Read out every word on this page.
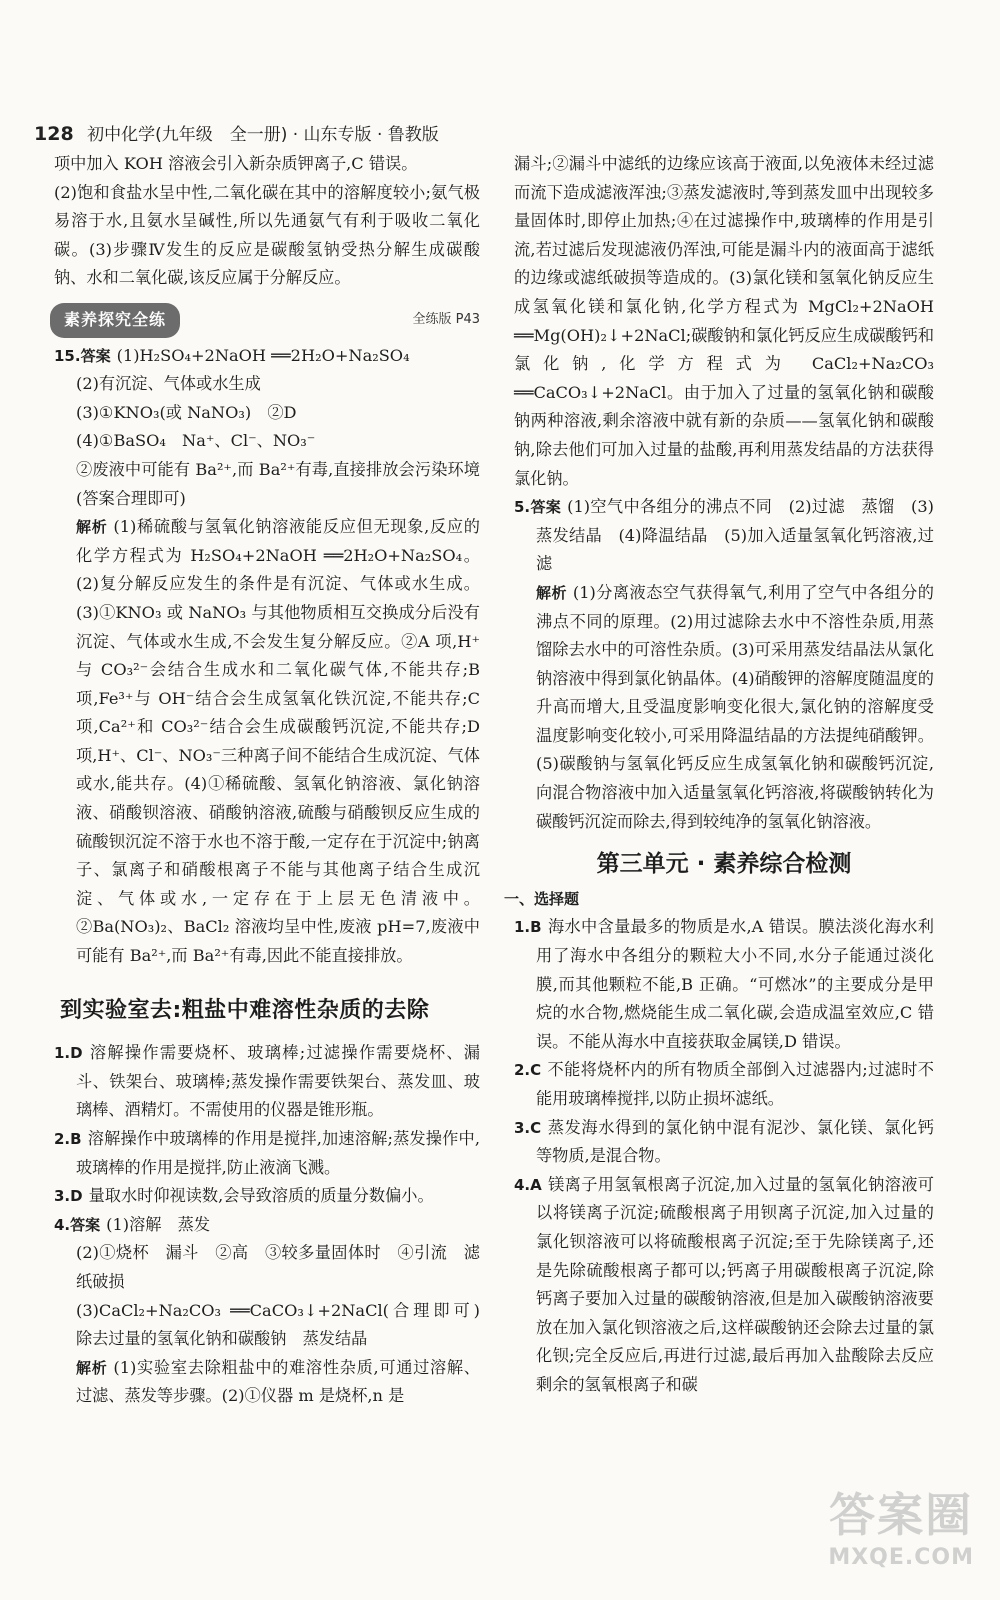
128 初中化学(九年级　全一册) · 山东专版 · 鲁教版

项中加入 KOH 溶液会引入新杂质钾离子,C 错误。

(2)饱和食盐水呈中性,二氧化碳在其中的溶解度较小;氨气极易溶于水,且氨水呈碱性,所以先通氨气有利于吸收二氧化碳。(3)步骤Ⅳ发生的反应是碳酸氢钠受热分解生成碳酸钠、水和二氧化碳,该反应属于分解反应。

素养探究全练	全练版 P43

15.答案 (1)H₂SO₄+2NaOH ══2H₂O+Na₂SO₄

(2)有沉淀、气体或水生成

(3)①KNO₃(或 NaNO₃)　②D

(4)①BaSO₄　Na⁺、Cl⁻、NO₃⁻

②废液中可能有 Ba²⁺,而 Ba²⁺有毒,直接排放会污染环境(答案合理即可)

解析 (1)稀硫酸与氢氧化钠溶液能反应但无现象,反应的化学方程式为 H₂SO₄+2NaOH ══2H₂O+Na₂SO₄。(2)复分解反应发生的条件是有沉淀、气体或水生成。(3)①KNO₃ 或 NaNO₃ 与其他物质相互交换成分后没有沉淀、气体或水生成,不会发生复分解反应。②A 项,H⁺与 CO₃²⁻会结合生成水和二氧化碳气体,不能共存;B 项,Fe³⁺与 OH⁻结合会生成氢氧化铁沉淀,不能共存;C 项,Ca²⁺和 CO₃²⁻结合会生成碳酸钙沉淀,不能共存;D 项,H⁺、Cl⁻、NO₃⁻三种离子间不能结合生成沉淀、气体或水,能共存。(4)①稀硫酸、氢氧化钠溶液、氯化钠溶液、硝酸钡溶液、硝酸钠溶液,硫酸与硝酸钡反应生成的硫酸钡沉淀不溶于水也不溶于酸,一定存在于沉淀中;钠离子、氯离子和硝酸根离子不能与其他离子结合生成沉淀、气体或水,一定存在于上层无色清液中。②Ba(NO₃)₂、BaCl₂ 溶液均呈中性,废液 pH=7,废液中可能有 Ba²⁺,而 Ba²⁺有毒,因此不能直接排放。

到实验室去:粗盐中难溶性杂质的去除

1.D 溶解操作需要烧杯、玻璃棒;过滤操作需要烧杯、漏斗、铁架台、玻璃棒;蒸发操作需要铁架台、蒸发皿、玻璃棒、酒精灯。不需使用的仪器是锥形瓶。

2.B 溶解操作中玻璃棒的作用是搅拌,加速溶解;蒸发操作中,玻璃棒的作用是搅拌,防止液滴飞溅。

3.D 量取水时仰视读数,会导致溶质的质量分数偏小。

4.答案 (1)溶解　蒸发

(2)①烧杯　漏斗　②高　③较多量固体时　④引流　滤纸破损

(3)CaCl₂+Na₂CO₃ ══CaCO₃↓+2NaCl(合理即可)　除去过量的氢氧化钠和碳酸钠　蒸发结晶

解析 (1)实验室去除粗盐中的难溶性杂质,可通过溶解、过滤、蒸发等步骤。(2)①仪器 m 是烧杯,n 是

漏斗;②漏斗中滤纸的边缘应该高于液面,以免液体未经过滤而流下造成滤液浑浊;③蒸发滤液时,等到蒸发皿中出现较多量固体时,即停止加热;④在过滤操作中,玻璃棒的作用是引流,若过滤后发现滤液仍浑浊,可能是漏斗内的液面高于滤纸的边缘或滤纸破损等造成的。(3)氯化镁和氢氧化钠反应生成氢氧化镁和氯化钠,化学方程式为 MgCl₂+2NaOH ══Mg(OH)₂↓+2NaCl;碳酸钠和氯化钙反应生成碳酸钙和氯化钠,化学方程式为 CaCl₂+Na₂CO₃ ══CaCO₃↓+2NaCl。由于加入了过量的氢氧化钠和碳酸钠两种溶液,剩余溶液中就有新的杂质——氢氧化钠和碳酸钠,除去他们可加入过量的盐酸,再利用蒸发结晶的方法获得氯化钠。

5.答案 (1)空气中各组分的沸点不同　(2)过滤　蒸馏　(3)蒸发结晶　(4)降温结晶　(5)加入适量氢氧化钙溶液,过滤

解析 (1)分离液态空气获得氧气,利用了空气中各组分的沸点不同的原理。(2)用过滤除去水中不溶性杂质,用蒸馏除去水中的可溶性杂质。(3)可采用蒸发结晶法从氯化钠溶液中得到氯化钠晶体。(4)硝酸钾的溶解度随温度的升高而增大,且受温度影响变化很大,氯化钠的溶解度受温度影响变化较小,可采用降温结晶的方法提纯硝酸钾。(5)碳酸钠与氢氧化钙反应生成氢氧化钠和碳酸钙沉淀,向混合物溶液中加入适量氢氧化钙溶液,将碳酸钠转化为碳酸钙沉淀而除去,得到较纯净的氢氧化钠溶液。

第三单元 · 素养综合检测
一、选择题

1.B 海水中含量最多的物质是水,A 错误。膜法淡化海水利用了海水中各组分的颗粒大小不同,水分子能通过淡化膜,而其他颗粒不能,B 正确。“可燃冰”的主要成分是甲烷的水合物,燃烧能生成二氧化碳,会造成温室效应,C 错误。不能从海水中直接获取金属镁,D 错误。

2.C 不能将烧杯内的所有物质全部倒入过滤器内;过滤时不能用玻璃棒搅拌,以防止损坏滤纸。

3.C 蒸发海水得到的氯化钠中混有泥沙、氯化镁、氯化钙等物质,是混合物。

4.A 镁离子用氢氧根离子沉淀,加入过量的氢氧化钠溶液可以将镁离子沉淀;硫酸根离子用钡离子沉淀,加入过量的氯化钡溶液可以将硫酸根离子沉淀;至于先除镁离子,还是先除硫酸根离子都可以;钙离子用碳酸根离子沉淀,除钙离子要加入过量的碳酸钠溶液,但是加入碳酸钠溶液要放在加入氯化钡溶液之后,这样碳酸钠还会除去过量的氯化钡;完全反应后,再进行过滤,最后再加入盐酸除去反应剩余的氢氧根离子和碳

答案圈
MXQE.COM
